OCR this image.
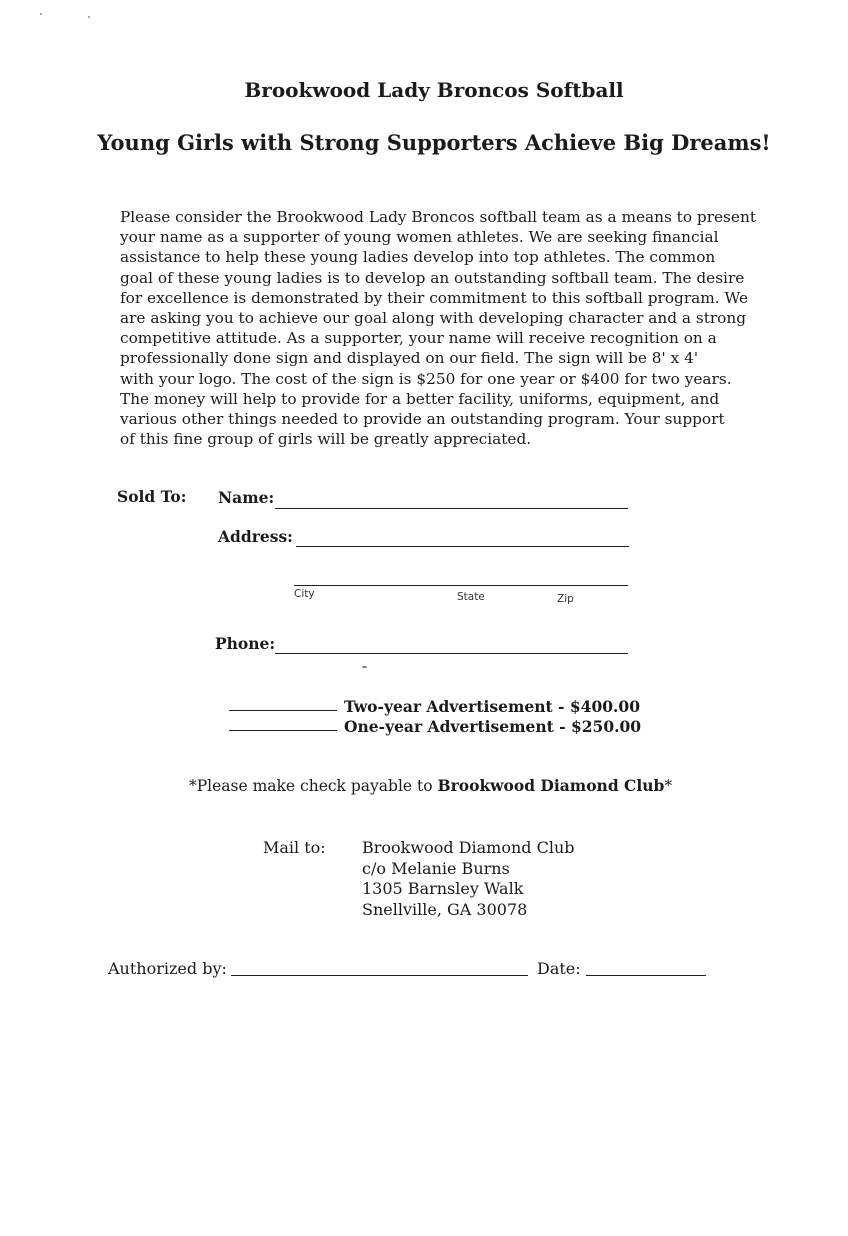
Brookwood Lady Broncos Softball
Young Girls with Strong Supporters Achieve Big Dreams!
Please consider the Brookwood Lady Broncos softball team as a means to present
your name as a supporter of young women athletes. We are seeking financial
assistance to help these young ladies develop into top athletes. The common
goal of these young ladies is to develop an outstanding softball team. The desire
for excellence is demonstrated by their commitment to this softball program. We
are asking you to achieve our goal along with developing character and a strong
competitive attitude. As a supporter, your name will receive recognition on a
professionally done sign and displayed on our field. The sign will be 8' x 4'
with your logo. The cost of the sign is $250 for one year or $400 for two years.
The money will help to provide for a better facility, uniforms, equipment, and
various other things needed to provide an outstanding program. Your support
of this fine group of girls will be greatly appreciated.
Sold To: Name:
Address:
City	State	Zip
Phone:
Two-year Advertisement - $400.00
One-year Advertisement - $250.00
*Please make check payable to Brookwood Diamond Club*
Mail to: Brookwood Diamond Club
c/o Melanie Burns
1305 Barnsley Walk
Snellville, GA 30078
Authorized by:	Date:
